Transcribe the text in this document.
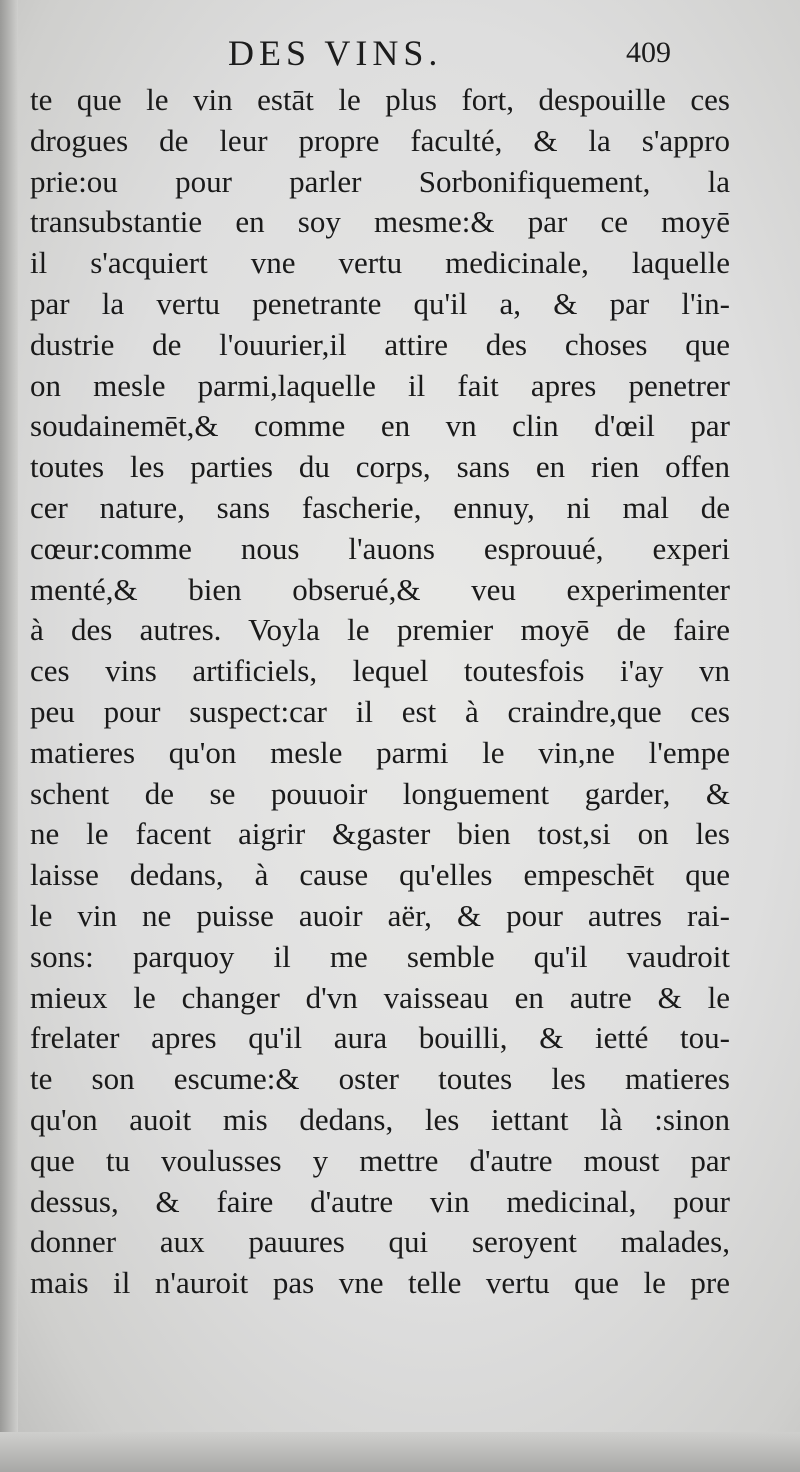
DES VINS.	409
te que le vin estāt le plus fort, despouille ces
drogues de leur propre faculté, & la s'appro
prie:ou pour parler Sorbonifiquement, la
transubstantie en soy mesme:& par ce moyē
il s'acquiert vne vertu medicinale, laquelle
par la vertu penetrante qu'il a, & par l'in-
dustrie de l'ouurier,il attire des choses que
on mesle parmi,laquelle il fait apres penetrer
soudainemēt,& comme en vn clin d'œil par
toutes les parties du corps, sans en rien offen
cer nature, sans fascherie, ennuy, ni mal de
cœur:comme nous l'auons esprouué, experi
menté,& bien obserué,& veu experimenter
à des autres. Voyla le premier moyē de faire
ces vins artificiels, lequel toutesfois i'ay vn
peu pour suspect:car il est à craindre,que ces
matieres qu'on mesle parmi le vin,ne l'empe
schent de se pouuoir longuement garder, &
ne le facent aigrir &gaster bien tost,si on les
laisse dedans, à cause qu'elles empeschēt que
le vin ne puisse auoir aër, & pour autres rai-
sons: parquoy il me semble qu'il vaudroit
mieux le changer d'vn vaisseau en autre & le
frelater apres qu'il aura bouilli, & ietté tou-
te son escume:& oster toutes les matieres
qu'on auoit mis dedans, les iettant là :sinon
que tu voulusses y mettre d'autre moust par
dessus, & faire d'autre vin medicinal, pour
donner aux pauures qui seroyent malades,
mais il n'auroit pas vne telle vertu que le pre
